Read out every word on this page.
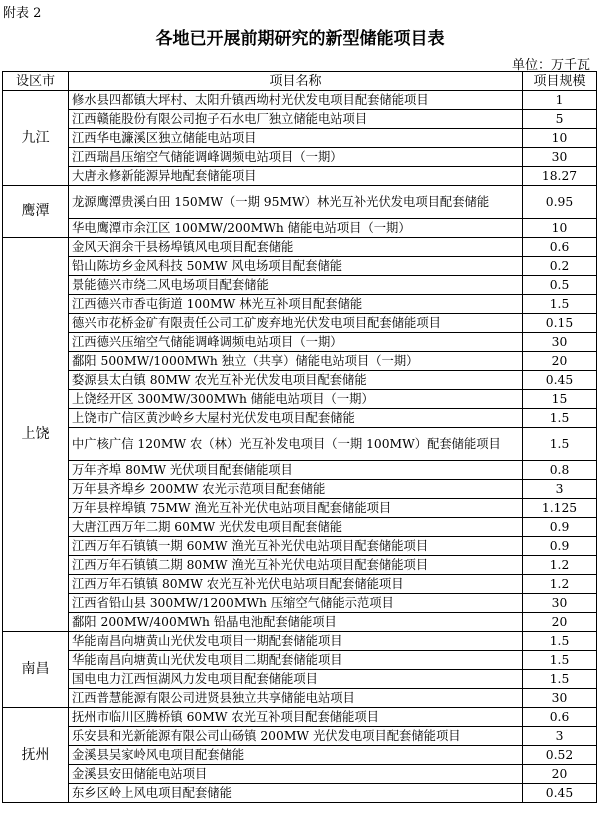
附表 2
各地已开展前期研究的新型储能项目表
单位：万千瓦
设区市	项目名称	项目规模
九江	修水县四都镇大坪村、太阳升镇西坳村光伏发电项目配套储能项目	1
	江西赣能股份有限公司抱子石水电厂独立储能电站项目	5
	江西华电濂溪区独立储能电站项目	10
	江西瑞昌压缩空气储能调峰调频电站项目（一期）	30
	大唐永修新能源异地配套储能项目	18.27
鹰潭	龙源鹰潭贵溪白田 150MW（一期 95MW）林光互补光伏发电项目配套储能	0.95
	华电鹰潭市余江区 100MW/200MWh 储能电站项目（一期）	10
上饶	金风天润余干县杨埠镇风电项目配套储能	0.6
	铅山陈坊乡金风科技 50MW 风电场项目配套储能	0.2
	景能德兴市绕二风电场项目配套储能	0.5
	江西德兴市香屯街道 100MW 林光互补项目配套储能	1.5
	德兴市花桥金矿有限责任公司工矿废弃地光伏发电项目配套储能项目	0.15
	江西德兴压缩空气储能调峰调频电站项目（一期）	30
	鄱阳 500MW/1000MWh 独立（共享）储能电站项目（一期）	20
	婺源县太白镇 80MW 农光互补光伏发电项目配套储能	0.45
	上饶经开区 300MW/300MWh 储能电站项目（一期）	15
	上饶市广信区黄沙岭乡大屋村光伏发电项目配套储能	1.5
	中广核广信 120MW 农（林）光互补发电项目（一期 100MW）配套储能项目	1.5
	万年齐埠 80MW 光伏项目配套储能项目	0.8
	万年县齐埠乡 200MW 农光示范项目配套储能	3
	万年县梓埠镇 75MW 渔光互补光伏电站项目配套储能项目	1.125
	大唐江西万年二期 60MW 光伏发电项目配套储能	0.9
	江西万年石镇镇一期 60MW 渔光互补光伏电站项目配套储能项目	0.9
	江西万年石镇镇二期 80MW 渔光互补光伏电站项目配套储能项目	1.2
	江西万年石镇镇 80MW 农光互补光伏电站项目配套储能项目	1.2
	江西省铅山县 300MW/1200MWh 压缩空气储能示范项目	30
	鄱阳 200MW/400MWh 铅晶电池配套储能项目	20
南昌	华能南昌向塘黄山光伏发电项目一期配套储能项目	1.5
	华能南昌向塘黄山光伏发电项目二期配套储能项目	1.5
	国电电力江西恒湖风力发电项目配套储能项目	1.5
	江西普慧能源有限公司进贤县独立共享储能电站项目	30
抚州	抚州市临川区腾桥镇 60MW 农光互补项目配套储能项目	0.6
	乐安县和光新能源有限公司山砀镇 200MW 光伏发电项目配套储能项目	3
	金溪县吴家岭风电项目配套储能	0.52
	金溪县安田储能电站项目	20
	东乡区岭上风电项目配套储能	0.45
